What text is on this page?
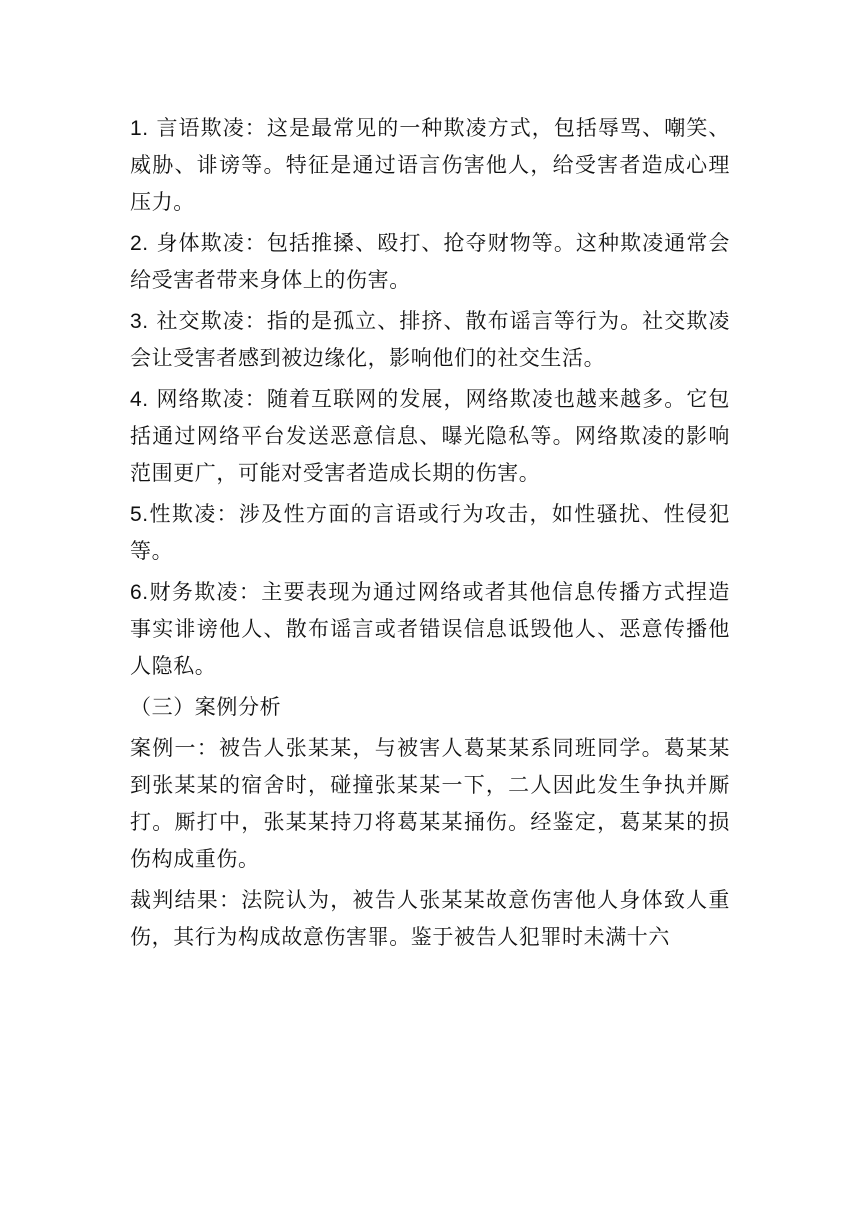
1. 言语欺凌：这是最常见的一种欺凌方式，包括辱骂、嘲笑、威胁、诽谤等。特征是通过语言伤害他人，给受害者造成心理压力。

2. 身体欺凌：包括推搡、殴打、抢夺财物等。这种欺凌通常会给受害者带来身体上的伤害。

3. 社交欺凌：指的是孤立、排挤、散布谣言等行为。社交欺凌会让受害者感到被边缘化，影响他们的社交生活。

4. 网络欺凌：随着互联网的发展，网络欺凌也越来越多。它包括通过网络平台发送恶意信息、曝光隐私等。网络欺凌的影响范围更广，可能对受害者造成长期的伤害。

5.性欺凌：涉及性方面的言语或行为攻击，如性骚扰、性侵犯等。

6.财务欺凌：主要表现为通过网络或者其他信息传播方式捏造事实诽谤他人、散布谣言或者错误信息诋毁他人、恶意传播他人隐私。

（三）案例分析

案例一：被告人张某某，与被害人葛某某系同班同学。葛某某到张某某的宿舍时，碰撞张某某一下，二人因此发生争执并厮打。厮打中，张某某持刀将葛某某捅伤。经鉴定，葛某某的损伤构成重伤。

裁判结果：法院认为，被告人张某某故意伤害他人身体致人重伤，其行为构成故意伤害罪。鉴于被告人犯罪时未满十六
